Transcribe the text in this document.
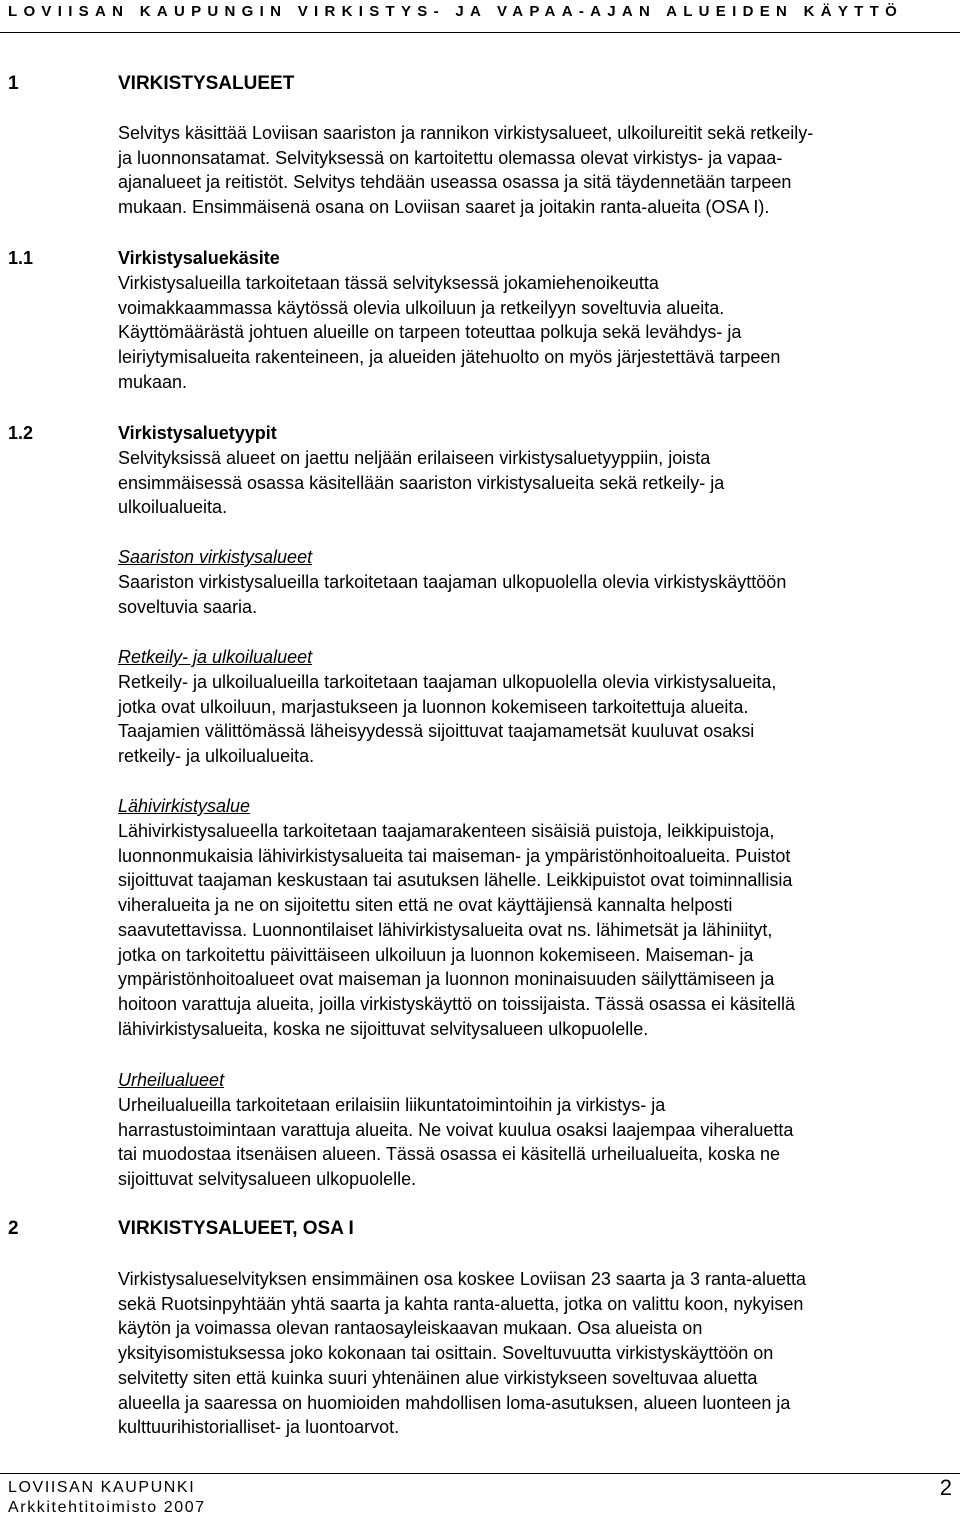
LOVIISAN KAUPUNGIN VIRKISTYS- JA VAPAA-AJAN ALUEIDEN KÄYTTÖ
1	VIRKISTYSALUEET
Selvitys käsittää Loviisan saariston ja rannikon virkistysalueet, ulkoilureitit sekä retkeily-
ja luonnonsatamat. Selvityksessä on kartoitettu olemassa olevat virkistys- ja vapaa-
ajanalueet ja reitistöt. Selvitys tehdään useassa osassa ja sitä täydennetään tarpeen
mukaan. Ensimmäisenä osana on Loviisan saaret ja joitakin ranta-alueita (OSA I).
1.1	Virkistysaluekäsite
Virkistysalueilla tarkoitetaan tässä selvityksessä jokamiehenoikeutta
voimakkaammassa käytössä olevia ulkoiluun ja retkeilyyn soveltuvia alueita.
Käyttömäärästä johtuen alueille on tarpeen toteuttaa polkuja sekä levähdys- ja
leiriytymisalueita rakenteineen, ja alueiden jätehuolto on myös järjestettävä tarpeen
mukaan.
1.2	Virkistysaluetyypit
Selvityksissä alueet on jaettu neljään erilaiseen virkistysaluetyyppiin, joista
ensimmäisessä osassa käsitellään saariston virkistysalueita sekä retkeily- ja
ulkoilualueita.
Saariston virkistysalueet
Saariston virkistysalueilla tarkoitetaan taajaman ulkopuolella olevia virkistyskäyttöön
soveltuvia saaria.
Retkeily- ja ulkoilualueet
Retkeily- ja ulkoilualueilla tarkoitetaan taajaman ulkopuolella olevia virkistysalueita,
jotka ovat ulkoiluun, marjastukseen ja luonnon kokemiseen tarkoitettuja alueita.
Taajamien välittömässä läheisyydessä sijoittuvat taajamametsät kuuluvat osaksi
retkeily- ja ulkoilualueita.
Lähivirkistysalue
Lähivirkistysalueella tarkoitetaan taajamarakenteen sisäisiä puistoja, leikkipuistoja,
luonnonmukaisia lähivirkistysalueita tai maiseman- ja ympäristönhoitoalueita. Puistot
sijoittuvat taajaman keskustaan tai asutuksen lähelle. Leikkipuistot ovat toiminnallisia
viheralueita ja ne on sijoitettu siten että ne ovat käyttäjiensä kannalta helposti
saavutettavissa. Luonnontilaiset lähivirkistysalueita ovat ns. lähimetsät ja lähiniityt,
jotka on tarkoitettu päivittäiseen ulkoiluun ja luonnon kokemiseen. Maiseman- ja
ympäristönhoitoalueet ovat maiseman ja luonnon moninaisuuden säilyttämiseen ja
hoitoon varattuja alueita, joilla virkistyskäyttö on toissijaista. Tässä osassa ei käsitellä
lähivirkistysalueita, koska ne sijoittuvat selvitysalueen ulkopuolelle.
Urheilualueet
Urheilualueilla tarkoitetaan erilaisiin liikuntatoimintoihin ja virkistys- ja
harrastustoimintaan varattuja alueita. Ne voivat kuulua osaksi laajempaa viheraluetta
tai muodostaa itsenäisen alueen. Tässä osassa ei käsitellä urheilualueita, koska ne
sijoittuvat selvitysalueen ulkopuolelle.
2	VIRKISTYSALUEET, OSA I
Virkistysalueselvityksen ensimmäinen osa koskee Loviisan 23 saarta ja 3 ranta-aluetta
sekä Ruotsinpyhtään yhtä saarta ja kahta ranta-aluetta, jotka on valittu koon, nykyisen
käytön ja voimassa olevan rantaosayleiskaavan mukaan. Osa alueista on
yksityisomistuksessa joko kokonaan tai osittain. Soveltuvuutta virkistyskäyttöön on
selvitetty siten että kuinka suuri yhtenäinen alue virkistykseen soveltuvaa aluetta
alueella ja saaressa on huomioiden mahdollisen loma-asutuksen, alueen luonteen ja
kulttuurihistorialliset- ja luontoarvot.
LOVIISAN KAUPUNKI
Arkkitehtitoimisto 2007
2
